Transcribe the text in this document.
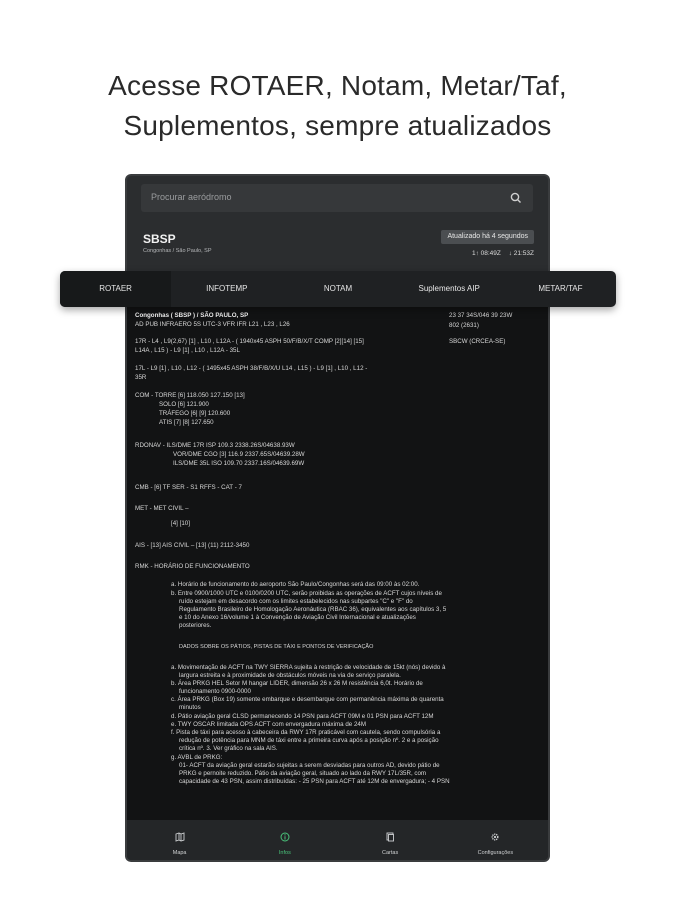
Acesse ROTAER, Notam, Metar/Taf,
Suplementos, sempre atualizados
Procurar aeródromo
SBSP
Congonhas / São Paulo, SP
Atualizado há 4 segundos
1↑ 08:49Z ↓ 21:53Z
Congonhas ( SBSP ) / SÃO PAULO, SP
AD PUB INFRAERO 5S UTC-3 VFR IFR L21 , L23 , L26
17R - L4 , L9(2,67) [1] , L10 , L12A - ( 1940x45 ASPH 50/F/B/X/T COMP [2][14] [15]
L14A , L15 ) - L9 [1] , L10 , L12A - 35L
17L - L9 [1] , L10 , L12 - ( 1495x45 ASPH 38/F/B/X/U L14 , L15 ) - L9 [1] , L10 , L12 -
35R
23 37 34S/046 39 23W
802 (2631)
SBCW (CRCEA-SE)
COM - TORRE [6] 118.050 127.150 [13]
SOLO [6] 121.900
TRÁFEGO [6] [9] 120.600
ATIS [7] [8] 127.650
RDONAV - ILS/DME 17R ISP 109.3 2338.26S/04638.93W
VOR/DME CGO [3] 116.9 2337.65S/04639.28W
ILS/DME 35L ISO 109.70 2337.16S/04639.69W
CMB - [6] TF SER - S1 RFFS - CAT - 7
MET - MET CIVIL –
[4] [10]
AIS - [13] AIS CIVIL – [13] (11) 2112-3450
RMK - HORÁRIO DE FUNCIONAMENTO
a. Horário de funcionamento do aeroporto São Paulo/Congonhas será das 09:00 às 02:00.
b. Entre 0900/1000 UTC e 0100/0200 UTC, serão proibidas as operações de ACFT cujos níveis de
ruído estejam em desacordo com os limites estabelecidos nas subpartes "C" e "F" do
Regulamento Brasileiro de Homologação Aeronáutica (RBAC 36), equivalentes aos capítulos 3, 5
e 10 do Anexo 16/volume 1 à Convenção de Aviação Civil Internacional e atualizações
posteriores.
DADOS SOBRE OS PÁTIOS, PISTAS DE TÁXI E PONTOS DE VERIFICAÇÃO
a. Movimentação de ACFT na TWY SIERRA sujeita à restrição de velocidade de 15kt (nós) devido à
largura estreita e à proximidade de obstáculos móveis na via de serviço paralela.
b. Área PRKG HEL Setor M hangar LIDER, dimensão 26 x 26 M resistência 6,0t. Horário de
funcionamento 0900-0000
c. Área PRKG (Box 19) somente embarque e desembarque com permanência máxima de quarenta
minutos
d. Pátio aviação geral CLSD permanecendo 14 PSN para ACFT 09M e 01 PSN para ACFT 12M
e. TWY OSCAR limitada OPS ACFT com envergadura máxima de 24M
f. Pista de táxi para acesso à cabeceira da RWY 17R praticável com cautela, sendo compulsória a
redução de potência para MNM de táxi entre a primeira curva após a posição nº. 2 e a posição
crítica nº. 3. Ver gráfico na sala AIS.
g. AVBL de PRKG:
01- ACFT da aviação geral estarão sujeitas a serem desviadas para outros AD, devido pátio de
PRKG e pernoite reduzido. Pátio da aviação geral, situado ao lado da RWY 17L/35R, com
capacidade de 43 PSN, assim distribuídas: - 25 PSN para ACFT até 12M de envergadura; - 4 PSN
Mapa	Infos	Cartas	Configurações
ROTAER	INFOTEMP	NOTAM	Suplementos AIP	METAR/TAF
